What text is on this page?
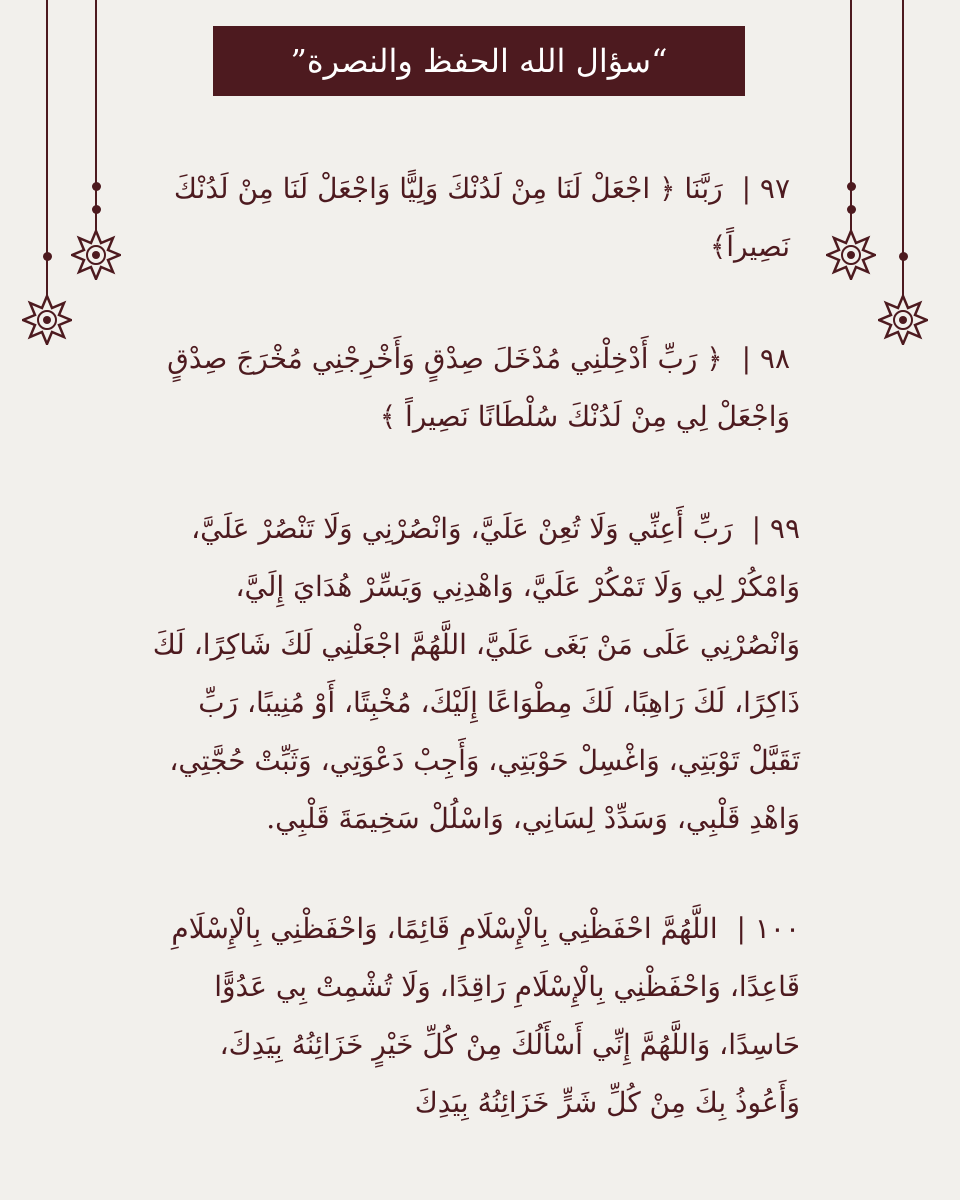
“سؤال الله الحفظ والنصرة”
٩٧ | رَبَّنَا ﴿ اجْعَلْ لَنَا مِنْ لَدُنْكَ وَلِيًّا وَاجْعَلْ لَنَا مِنْ لَدُنْكَ نَصِيراً﴾
٩٨ | ﴿ رَبِّ أَدْخِلْنِي مُدْخَلَ صِدْقٍ وَأَخْرِجْنِي مُخْرَجَ صِدْقٍ وَاجْعَلْ لِي مِنْ لَدُنْكَ سُلْطَانًا نَصِيراً ﴾
٩٩ | رَبِّ أَعِنِّي وَلَا تُعِنْ عَلَيَّ، وَانْصُرْنِي وَلَا تَنْصُرْ عَلَيَّ، وَامْكُرْ لِي وَلَا تَمْكُرْ عَلَيَّ، وَاهْدِنِي وَيَسِّرْ هُدَايَ إِلَيَّ، وَانْصُرْنِي عَلَى مَنْ بَغَى عَلَيَّ، اللَّهُمَّ اجْعَلْنِي لَكَ شَاكِرًا، لَكَ ذَاكِرًا، لَكَ رَاهِبًا، لَكَ مِطْوَاعًا إِلَيْكَ، مُخْبِتًا، أَوْ مُنِيبًا، رَبِّ تَقَبَّلْ تَوْبَتِي، وَاغْسِلْ حَوْبَتِي، وَأَجِبْ دَعْوَتِي، وَثَبِّتْ حُجَّتِي، وَاهْدِ قَلْبِي، وَسَدِّدْ لِسَانِي، وَاسْلُلْ سَخِيمَةَ قَلْبِي.
١٠٠ | اللَّهُمَّ احْفَظْنِي بِالْإِسْلَامِ قَائِمًا، وَاحْفَظْنِي بِالْإِسْلَامِ قَاعِدًا، وَاحْفَظْنِي بِالْإِسْلَامِ رَاقِدًا، وَلَا تُشْمِتْ بِي عَدُوًّا حَاسِدًا، وَاللَّهُمَّ إِنِّي أَسْأَلُكَ مِنْ كُلِّ خَيْرٍ خَزَائِنُهُ بِيَدِكَ، وَأَعُوذُ بِكَ مِنْ كُلِّ شَرٍّ خَزَائِنُهُ بِيَدِكَ
